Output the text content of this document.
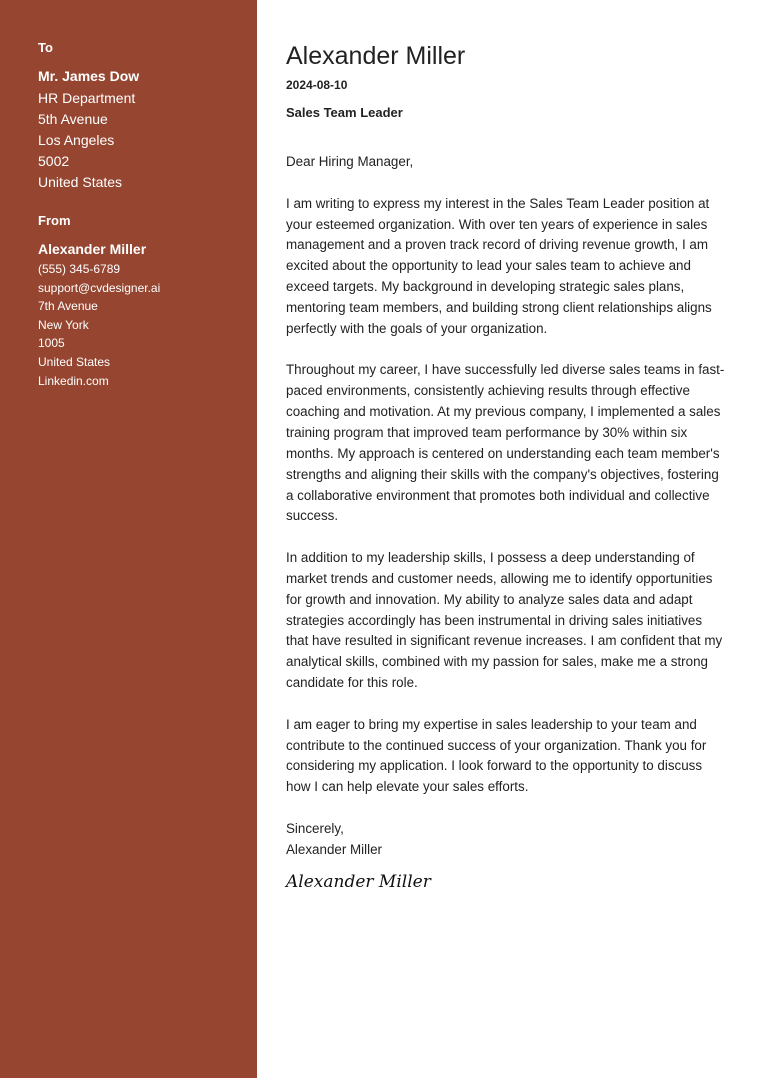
To
Mr. James Dow
HR Department
5th Avenue
Los Angeles
5002
United States
From
Alexander Miller
(555) 345-6789
support@cvdesigner.ai
7th Avenue
New York
1005
United States
Linkedin.com
Alexander Miller
2024-08-10
Sales Team Leader

Dear Hiring Manager,

I am writing to express my interest in the Sales Team Leader position at your esteemed organization. With over ten years of experience in sales management and a proven track record of driving revenue growth, I am excited about the opportunity to lead your sales team to achieve and exceed targets. My background in developing strategic sales plans, mentoring team members, and building strong client relationships aligns perfectly with the goals of your organization.

Throughout my career, I have successfully led diverse sales teams in fast-paced environments, consistently achieving results through effective coaching and motivation. At my previous company, I implemented a sales training program that improved team performance by 30% within six months. My approach is centered on understanding each team member's strengths and aligning their skills with the company's objectives, fostering a collaborative environment that promotes both individual and collective success.

In addition to my leadership skills, I possess a deep understanding of market trends and customer needs, allowing me to identify opportunities for growth and innovation. My ability to analyze sales data and adapt strategies accordingly has been instrumental in driving sales initiatives that have resulted in significant revenue increases. I am confident that my analytical skills, combined with my passion for sales, make me a strong candidate for this role.

I am eager to bring my expertise in sales leadership to your team and contribute to the continued success of your organization. Thank you for considering my application. I look forward to the opportunity to discuss how I can help elevate your sales efforts.

Sincerely,

Alexander Miller

Alexander Miller
